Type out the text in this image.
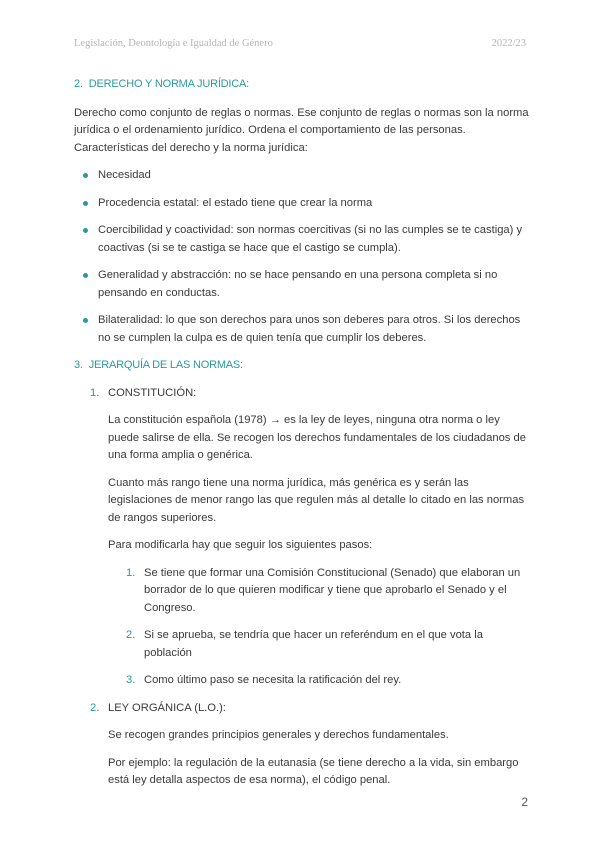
Legislación, Deontología e Igualdad de Género	2022/23
2. DERECHO Y NORMA JURÍDICA:

Derecho como conjunto de reglas o normas. Ese conjunto de reglas o normas son la norma jurídica o el ordenamiento jurídico. Ordena el comportamiento de las personas.

Características del derecho y la norma jurídica:

Necesidad
Procedencia estatal: el estado tiene que crear la norma
Coercibilidad y coactividad: son normas coercitivas (si no las cumples se te castiga) y coactivas (si se te castiga se hace que el castigo se cumpla).
Generalidad y abstracción: no se hace pensando en una persona completa si no pensando en conductas.
Bilateralidad: lo que son derechos para unos son deberes para otros. Si los derechos no se cumplen la culpa es de quien tenía que cumplir los deberes.
3. JERARQUÍA DE LAS NORMAS:
1. CONSTITUCIÓN:

La constitución española (1978) → es la ley de leyes, ninguna otra norma o ley puede salirse de ella. Se recogen los derechos fundamentales de los ciudadanos de una forma amplia o genérica.

Cuanto más rango tiene una norma jurídica, más genérica es y serán las legislaciones de menor rango las que regulen más al detalle lo citado en las normas de rangos superiores.

Para modificarla hay que seguir los siguientes pasos:

1. Se tiene que formar una Comisión Constitucional (Senado) que elaboran un borrador de lo que quieren modificar y tiene que aprobarlo el Senado y el Congreso.
2. Si se aprueba, se tendría que hacer un referéndum en el que vota la población
3. Como último paso se necesita la ratificación del rey.
2. LEY ORGÁNICA (L.O.):

Se recogen grandes principios generales y derechos fundamentales.

Por ejemplo: la regulación de la eutanasia (se tiene derecho a la vida, sin embargo está ley detalla aspectos de esa norma), el código penal.

2
